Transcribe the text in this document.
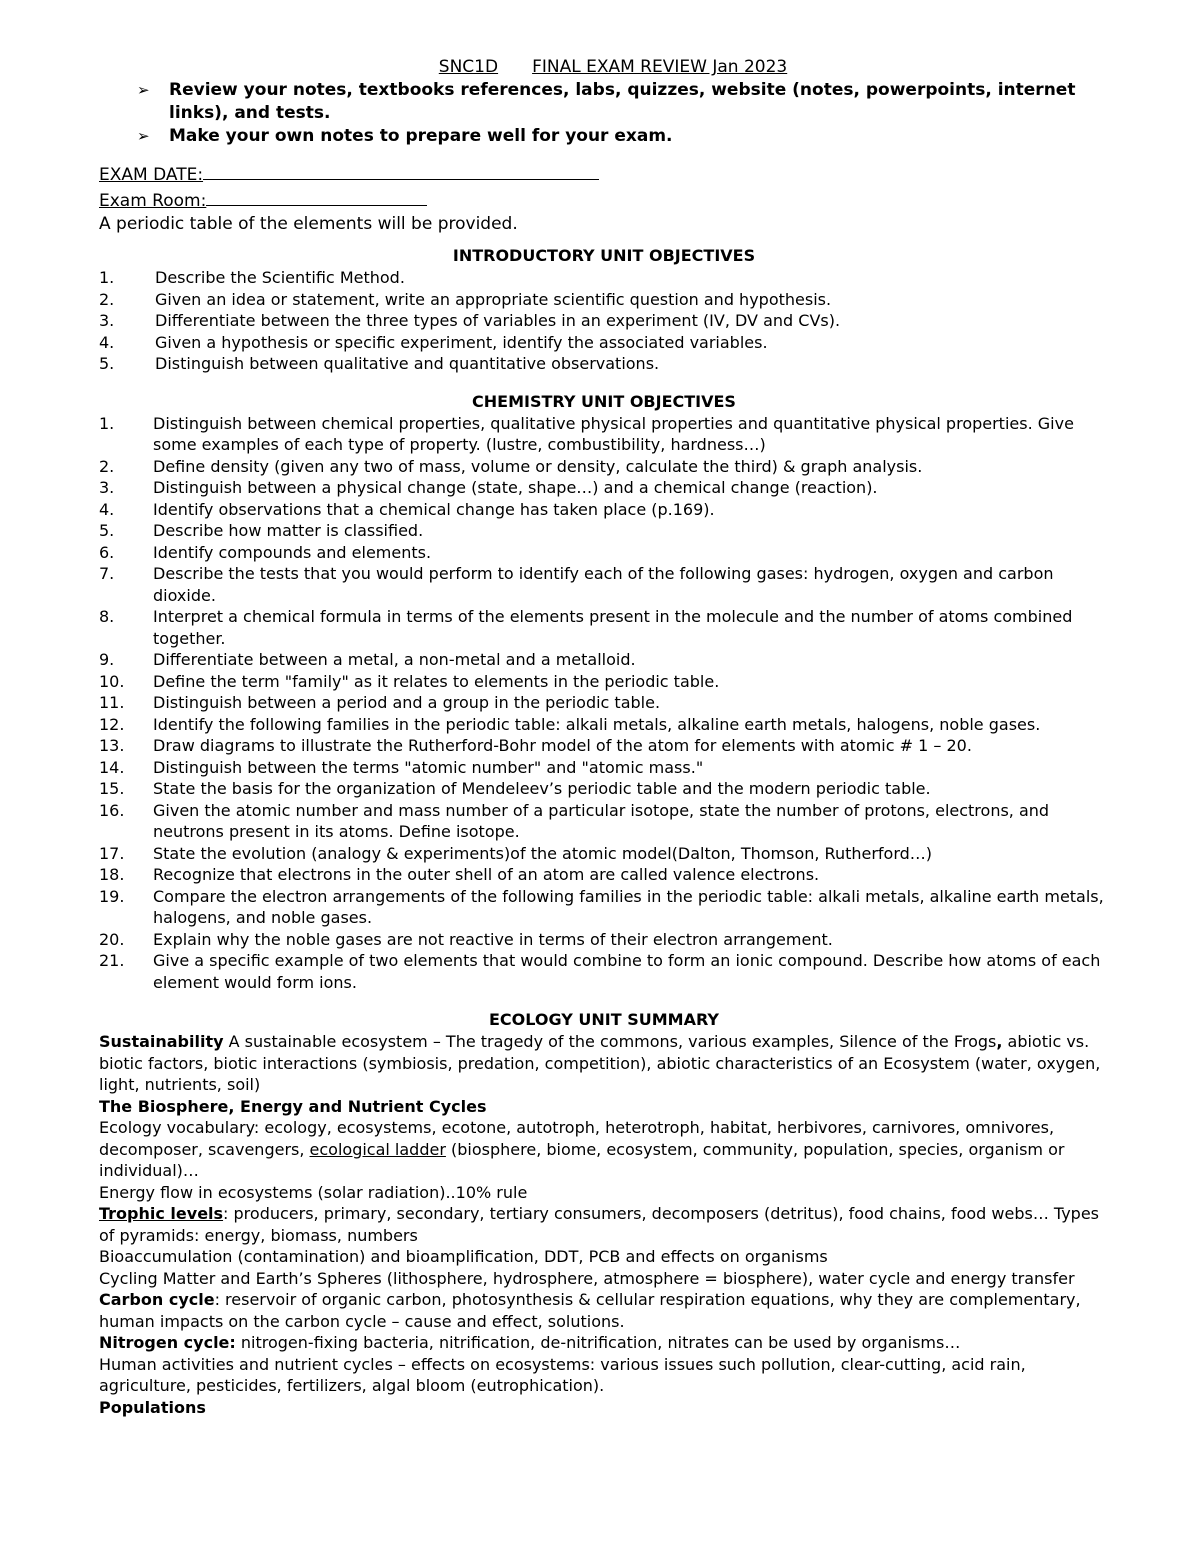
SNC1D FINAL EXAM REVIEW Jan 2023
➢ Review your notes, textbooks references, labs, quizzes, website (notes, powerpoints, internet links), and tests.
➢ Make your own notes to prepare well for your exam.
EXAM DATE:
Exam Room:
A periodic table of the elements will be provided.
INTRODUCTORY UNIT OBJECTIVES
1.	Describe the Scientific Method.
2.	Given an idea or statement, write an appropriate scientific question and hypothesis.
3.	Differentiate between the three types of variables in an experiment (IV, DV and CVs).
4.	Given a hypothesis or specific experiment, identify the associated variables.
5.	Distinguish between qualitative and quantitative observations.
CHEMISTRY UNIT OBJECTIVES
1. Distinguish between chemical properties, qualitative physical properties and quantitative physical properties. Give some examples of each type of property. (lustre, combustibility, hardness…)
2. Define density (given any two of mass, volume or density, calculate the third) & graph analysis.
3. Distinguish between a physical change (state, shape…) and a chemical change (reaction).
4. Identify observations that a chemical change has taken place (p.169).
5. Describe how matter is classified.
6. Identify compounds and elements.
7. Describe the tests that you would perform to identify each of the following gases: hydrogen, oxygen and carbon dioxide.
8. Interpret a chemical formula in terms of the elements present in the molecule and the number of atoms combined together.
9. Differentiate between a metal, a non-metal and a metalloid.
10. Define the term "family" as it relates to elements in the periodic table.
11. Distinguish between a period and a group in the periodic table.
12. Identify the following families in the periodic table: alkali metals, alkaline earth metals, halogens, noble gases.
13. Draw diagrams to illustrate the Rutherford-Bohr model of the atom for elements with atomic # 1 – 20.
14. Distinguish between the terms "atomic number" and "atomic mass."
15. State the basis for the organization of Mendeleev’s periodic table and the modern periodic table.
16. Given the atomic number and mass number of a particular isotope, state the number of protons, electrons, and neutrons present in its atoms. Define isotope.
17. State the evolution (analogy & experiments)of the atomic model(Dalton, Thomson, Rutherford…)
18. Recognize that electrons in the outer shell of an atom are called valence electrons.
19. Compare the electron arrangements of the following families in the periodic table: alkali metals, alkaline earth metals, halogens, and noble gases.
20. Explain why the noble gases are not reactive in terms of their electron arrangement.
21. Give a specific example of two elements that would combine to form an ionic compound. Describe how atoms of each element would form ions.
ECOLOGY UNIT SUMMARY

Sustainability A sustainable ecosystem – The tragedy of the commons, various examples, Silence of the Frogs, abiotic vs. biotic factors, biotic interactions (symbiosis, predation, competition), abiotic characteristics of an Ecosystem (water, oxygen, light, nutrients, soil)

The Biosphere, Energy and Nutrient Cycles

Ecology vocabulary: ecology, ecosystems, ecotone, autotroph, heterotroph, habitat, herbivores, carnivores, omnivores, decomposer, scavengers, ecological ladder (biosphere, biome, ecosystem, community, population, species, organism or individual)…

Energy flow in ecosystems (solar radiation)..10% rule

Trophic levels: producers, primary, secondary, tertiary consumers, decomposers (detritus), food chains, food webs… Types of pyramids: energy, biomass, numbers

Bioaccumulation (contamination) and bioamplification, DDT, PCB and effects on organisms

Cycling Matter and Earth’s Spheres (lithosphere, hydrosphere, atmosphere = biosphere), water cycle and energy transfer

Carbon cycle: reservoir of organic carbon, photosynthesis & cellular respiration equations, why they are complementary, human impacts on the carbon cycle – cause and effect, solutions.

Nitrogen cycle: nitrogen-fixing bacteria, nitrification, de-nitrification, nitrates can be used by organisms…

Human activities and nutrient cycles – effects on ecosystems: various issues such pollution, clear-cutting, acid rain, agriculture, pesticides, fertilizers, algal bloom (eutrophication).

Populations
